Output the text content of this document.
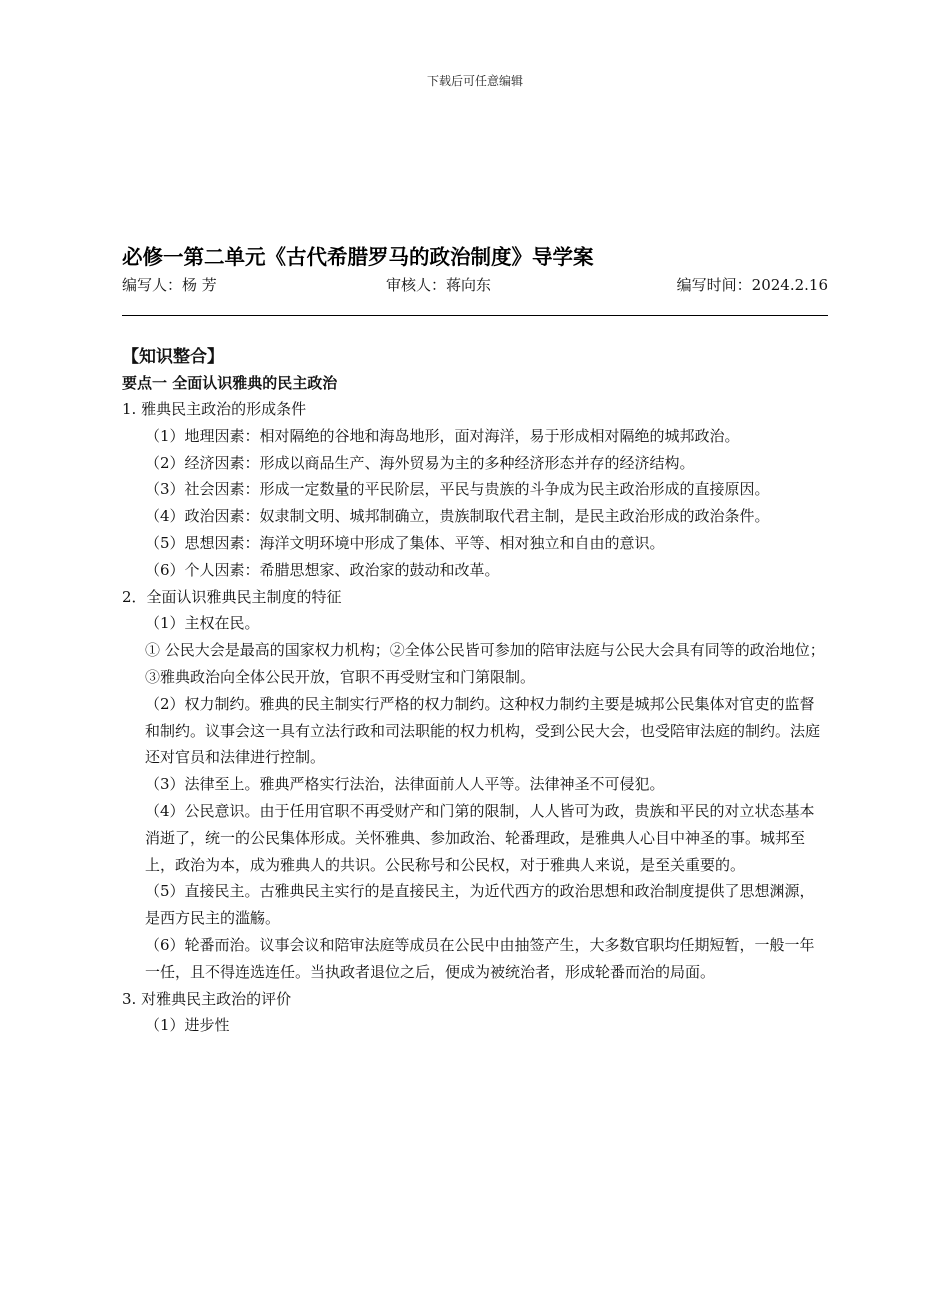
下载后可任意编辑
必修一第二单元《古代希腊罗马的政治制度》导学案
编写人：杨 芳	审核人：蒋向东	编写时间：2024.2.16
【知识整合】
要点一 全面认识雅典的民主政治

1. 雅典民主政治的形成条件

（1）地理因素：相对隔绝的谷地和海岛地形，面对海洋，易于形成相对隔绝的城邦政治。

（2）经济因素：形成以商品生产、海外贸易为主的多种经济形态并存的经济结构。

（3）社会因素：形成一定数量的平民阶层，平民与贵族的斗争成为民主政治形成的直接原因。

（4）政治因素：奴隶制文明、城邦制确立，贵族制取代君主制，是民主政治形成的政治条件。

（5）思想因素：海洋文明环境中形成了集体、平等、相对独立和自由的意识。

（6）个人因素：希腊思想家、政治家的鼓动和改革。

2．全面认识雅典民主制度的特征

（1）主权在民。

① 公民大会是最高的国家权力机构；②全体公民皆可参加的陪审法庭与公民大会具有同等的政治地位；③雅典政治向全体公民开放，官职不再受财宝和门第限制。

（2）权力制约。雅典的民主制实行严格的权力制约。这种权力制约主要是城邦公民集体对官吏的监督和制约。议事会这一具有立法行政和司法职能的权力机构，受到公民大会，也受陪审法庭的制约。法庭还对官员和法律进行控制。

（3）法律至上。雅典严格实行法治，法律面前人人平等。法律神圣不可侵犯。

（4）公民意识。由于任用官职不再受财产和门第的限制，人人皆可为政，贵族和平民的对立状态基本消逝了，统一的公民集体形成。关怀雅典、参加政治、轮番理政，是雅典人心目中神圣的事。城邦至上，政治为本，成为雅典人的共识。公民称号和公民权，对于雅典人来说，是至关重要的。

（5）直接民主。古雅典民主实行的是直接民主，为近代西方的政治思想和政治制度提供了思想渊源，是西方民主的滥觞。

（6）轮番而治。议事会议和陪审法庭等成员在公民中由抽签产生，大多数官职均任期短暂，一般一年一任，且不得连选连任。当执政者退位之后，便成为被统治者，形成轮番而治的局面。

3. 对雅典民主政治的评价

（1）进步性
